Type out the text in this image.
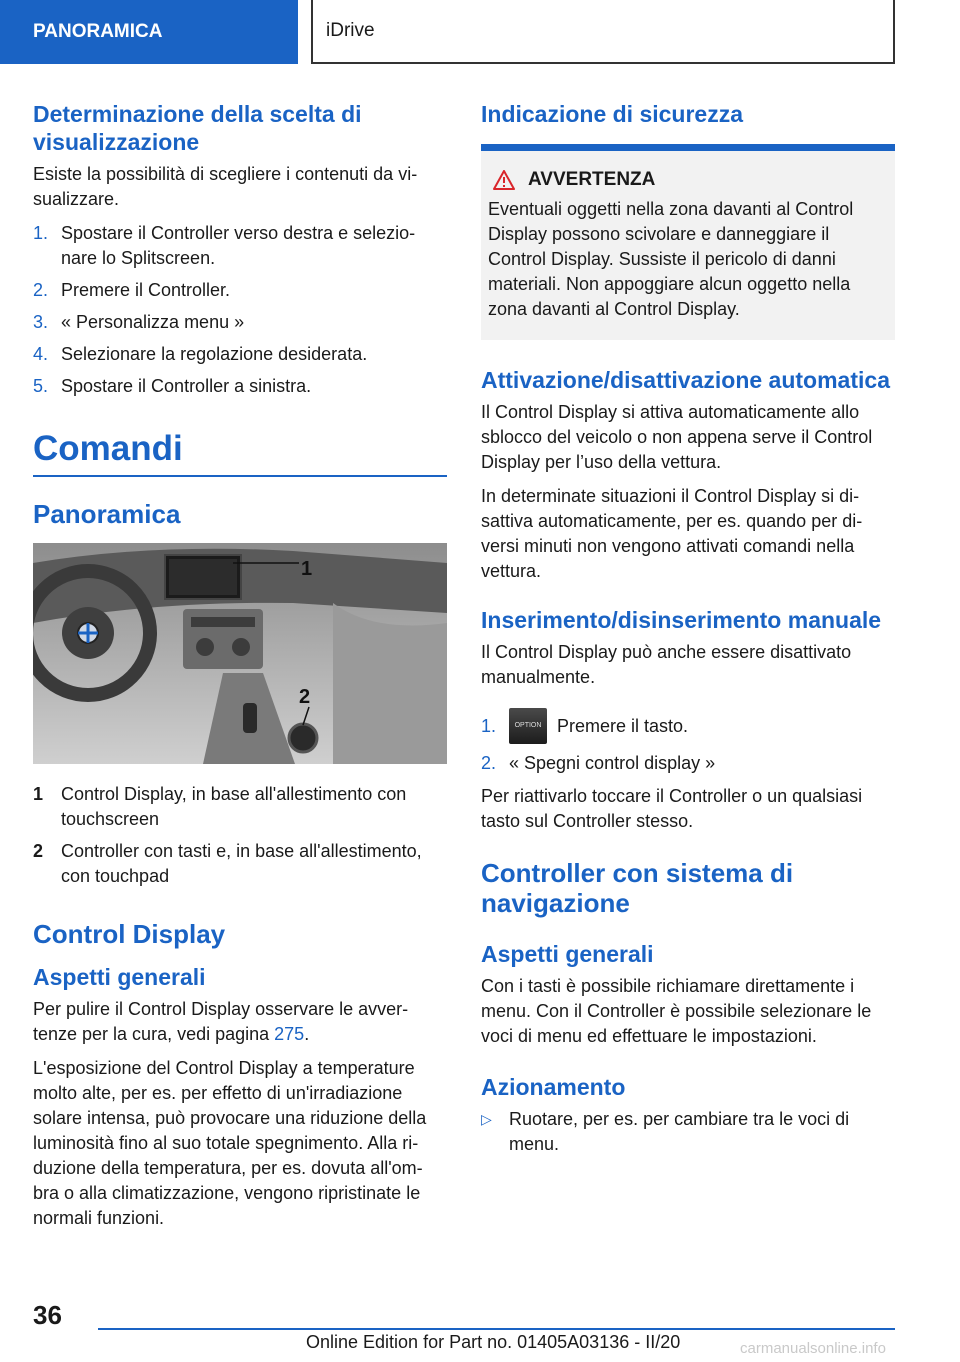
PANORAMICA	iDrive
Determinazione della scelta di visualizzazione

Esiste la possibilità di scegliere i contenuti da vi-sualizzare.

1. Spostare il Controller verso destra e selezio-nare lo Splitscreen.
2. Premere il Controller.
3. « Personalizza menu »
4. Selezionare la regolazione desiderata.
5. Spostare il Controller a sinistra.
Comandi
Panoramica
1
2
1 Control Display, in base all'allestimento con touchscreen
2 Controller con tasti e, in base all'allestimento, con touchpad
Control Display
Aspetti generali

Per pulire il Control Display osservare le avver-tenze per la cura, vedi pagina 275.

L'esposizione del Control Display a temperature molto alte, per es. per effetto di un'irradiazione solare intensa, può provocare una riduzione della luminosità fino al suo totale spegnimento. Alla ri-duzione della temperatura, per es. dovuta all'om-bra o alla climatizzazione, vengono ripristinate le normali funzioni.

Indicazione di sicurezza
AVVERTENZA

Eventuali oggetti nella zona davanti al Control Display possono scivolare e danneggiare il Control Display. Sussiste il pericolo di danni materiali. Non appoggiare alcun oggetto nella zona davanti al Control Display.

Attivazione/disattivazione automatica

Il Control Display si attiva automaticamente allo sblocco del veicolo o non appena serve il Control Display per l’uso della vettura.

In determinate situazioni il Control Display si di-sattiva automaticamente, per es. quando per di-versi minuti non vengono attivati comandi nella vettura.

Inserimento/disinserimento manuale

Il Control Display può anche essere disattivato manualmente.

1.	OPTION Premere il tasto.
2. « Spegni control display »

Per riattivarlo toccare il Controller o un qualsiasi tasto sul Controller stesso.

Controller con sistema di navigazione
Aspetti generali

Con i tasti è possibile richiamare direttamente i menu. Con il Controller è possibile selezionare le voci di menu ed effettuare le impostazioni.

Azionamento
▷ Ruotare, per es. per cambiare tra le voci di menu.
36
Online Edition for Part no. 01405A03136 - II/20	carmanualsonline.info
